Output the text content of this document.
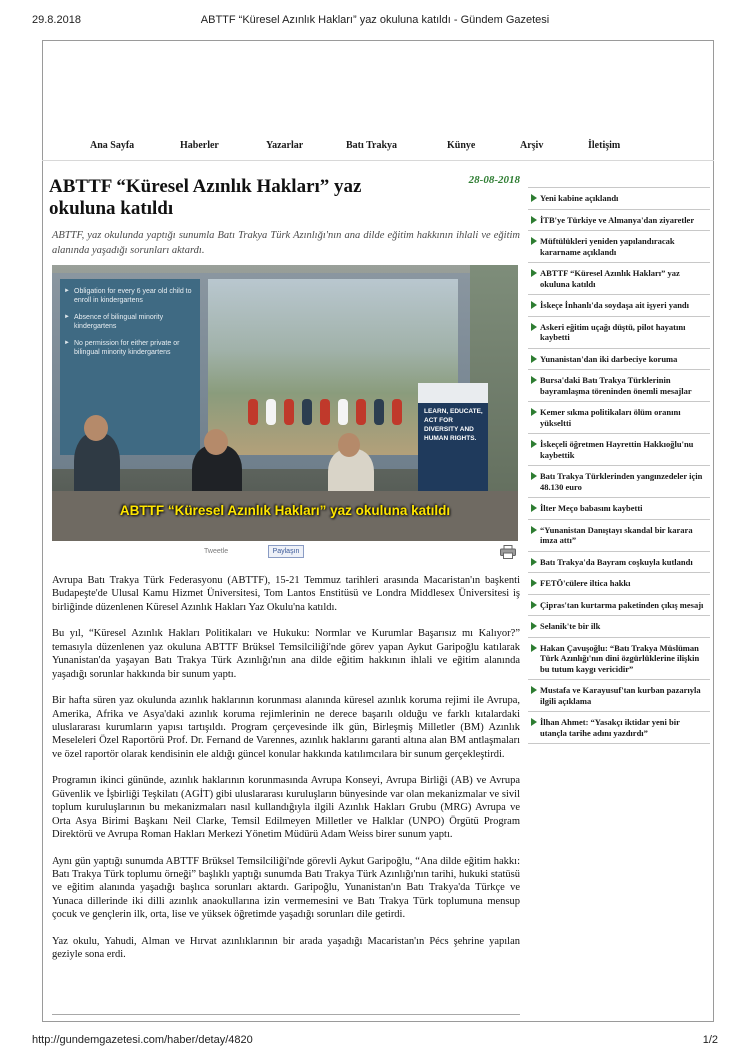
29.8.2018	ABTTF “Küresel Azınlık Hakları” yaz okuluna katıldı - Gündem Gazetesi
Ana Sayfa	Haberler	Yazarlar	Batı Trakya	Künye	Arşiv	İletişim
ABTTF “Küresel Azınlık Hakları” yaz okuluna katıldı
28-08-2018

ABTTF, yaz okulunda yaptığı sunumla Batı Trakya Türk Azınlığı'nın ana dilde eğitim hakkının ihlali ve eğitim alanında yaşadığı sorunları aktardı.

► Obligation for every 6 year old child to enroll in kindergartens

► Absence of bilingual minority kindergartens

► No permission for either private or bilingual minority kindergartens

LEARN, EDUCATE, ACT FOR DIVERSITY AND HUMAN RIGHTS.
ABTTF “Küresel Azınlık Hakları” yaz okuluna katıldı
Tweetle	Paylaşın

Avrupa Batı Trakya Türk Federasyonu (ABTTF), 15-21 Temmuz tarihleri arasında Macaristan'ın başkenti Budapeşte'de Ulusal Kamu Hizmet Üniversitesi, Tom Lantos Enstitüsü ve Londra Middlesex Üniversitesi iş birliğinde düzenlenen Küresel Azınlık Hakları Yaz Okulu'na katıldı.

Bu yıl, “Küresel Azınlık Hakları Politikaları ve Hukuku: Normlar ve Kurumlar Başarısız mı Kalıyor?” temasıyla düzenlenen yaz okuluna ABTTF Brüksel Temsilciliği'nde görev yapan Aykut Garipoğlu katılarak Yunanistan'da yaşayan Batı Trakya Türk Azınlığı'nın ana dilde eğitim hakkının ihlali ve eğitim alanında yaşadığı sorunlar hakkında bir sunum yaptı.

Bir hafta süren yaz okulunda azınlık haklarının korunması alanında küresel azınlık koruma rejimi ile Avrupa, Amerika, Afrika ve Asya'daki azınlık koruma rejimlerinin ne derece başarılı olduğu ve farklı kıtalardaki uluslararası kurumların yapısı tartışıldı. Program çerçevesinde ilk gün, Birleşmiş Milletler (BM) Azınlık Meseleleri Özel Raportörü Prof. Dr. Fernand de Varennes, azınlık haklarını garanti altına alan BM antlaşmaları ve özel raportör olarak kendisinin ele aldığı güncel konular hakkında katılımcılara bir sunum gerçekleştirdi.

Programın ikinci gününde, azınlık haklarının korunmasında Avrupa Konseyi, Avrupa Birliği (AB) ve Avrupa Güvenlik ve İşbirliği Teşkilatı (AGİT) gibi uluslararası kuruluşların bünyesinde var olan mekanizmalar ve sivil toplum kuruluşlarının bu mekanizmaları nasıl kullandığıyla ilgili Azınlık Hakları Grubu (MRG) Avrupa ve Orta Asya Birimi Başkanı Neil Clarke, Temsil Edilmeyen Milletler ve Halklar (UNPO) Örgütü Program Direktörü ve Avrupa Roman Hakları Merkezi Yönetim Müdürü Adam Weiss birer sunum yaptı.

Aynı gün yaptığı sunumda ABTTF Brüksel Temsilciliği'nde görevli Aykut Garipoğlu, “Ana dilde eğitim hakkı: Batı Trakya Türk toplumu örneği” başlıklı yaptığı sunumda Batı Trakya Türk Azınlığı'nın tarihi, hukuki statüsü ve eğitim alanında yaşadığı başlıca sorunları aktardı. Garipoğlu, Yunanistan'ın Batı Trakya'da Türkçe ve Yunaca dillerinde iki dilli azınlık anaokullarına izin vermemesini ve Batı Trakya Türk toplumuna mensup çocuk ve gençlerin ilk, orta, lise ve yüksek öğretimde yaşadığı sorunları dile getirdi.

Yaz okulu, Yahudi, Alman ve Hırvat azınlıklarının bir arada yaşadığı Macaristan'ın Pécs şehrine yapılan geziyle sona erdi.

Yeni kabine açıklandı
İTB'ye Türkiye ve Almanya'dan ziyaretler
Müftülükleri yeniden yapılandıracak kararname açıklandı
ABTTF “Küresel Azınlık Hakları” yaz okuluna katıldı
İskeçe İnhanlı'da soydaşa ait işyeri yandı
Askeri eğitim uçağı düştü, pilot hayatını kaybetti
Yunanistan'dan iki darbeciye koruma
Bursa'daki Batı Trakya Türklerinin bayramlaşma töreninden önemli mesajlar
Kemer sıkma politikaları ölüm oranını yükseltti
İskeçeli öğretmen Hayrettin Hakkıoğlu'nu kaybettik
Batı Trakya Türklerinden yangınzedeler için 48.130 euro
İlter Meço babasını kaybetti
“Yunanistan Danıştayı skandal bir karara imza attı”
Batı Trakya'da Bayram coşkuyla kutlandı
FETÖ'cülere iltica hakkı
Çipras'tan kurtarma paketinden çıkış mesajı
Selanik'te bir ilk
Hakan Çavuşoğlu: “Batı Trakya Müslüman Türk Azınlığı'nın dini özgürlüklerine ilişkin bu tutum kaygı vericidir”
Mustafa ve Karayusuf'tan kurban pazarıyla ilgili açıklama
İlhan Ahmet: “Yasakçı iktidar yeni bir utançla tarihe adını yazdırdı”
http://gundemgazetesi.com/haber/detay/4820	1/2
